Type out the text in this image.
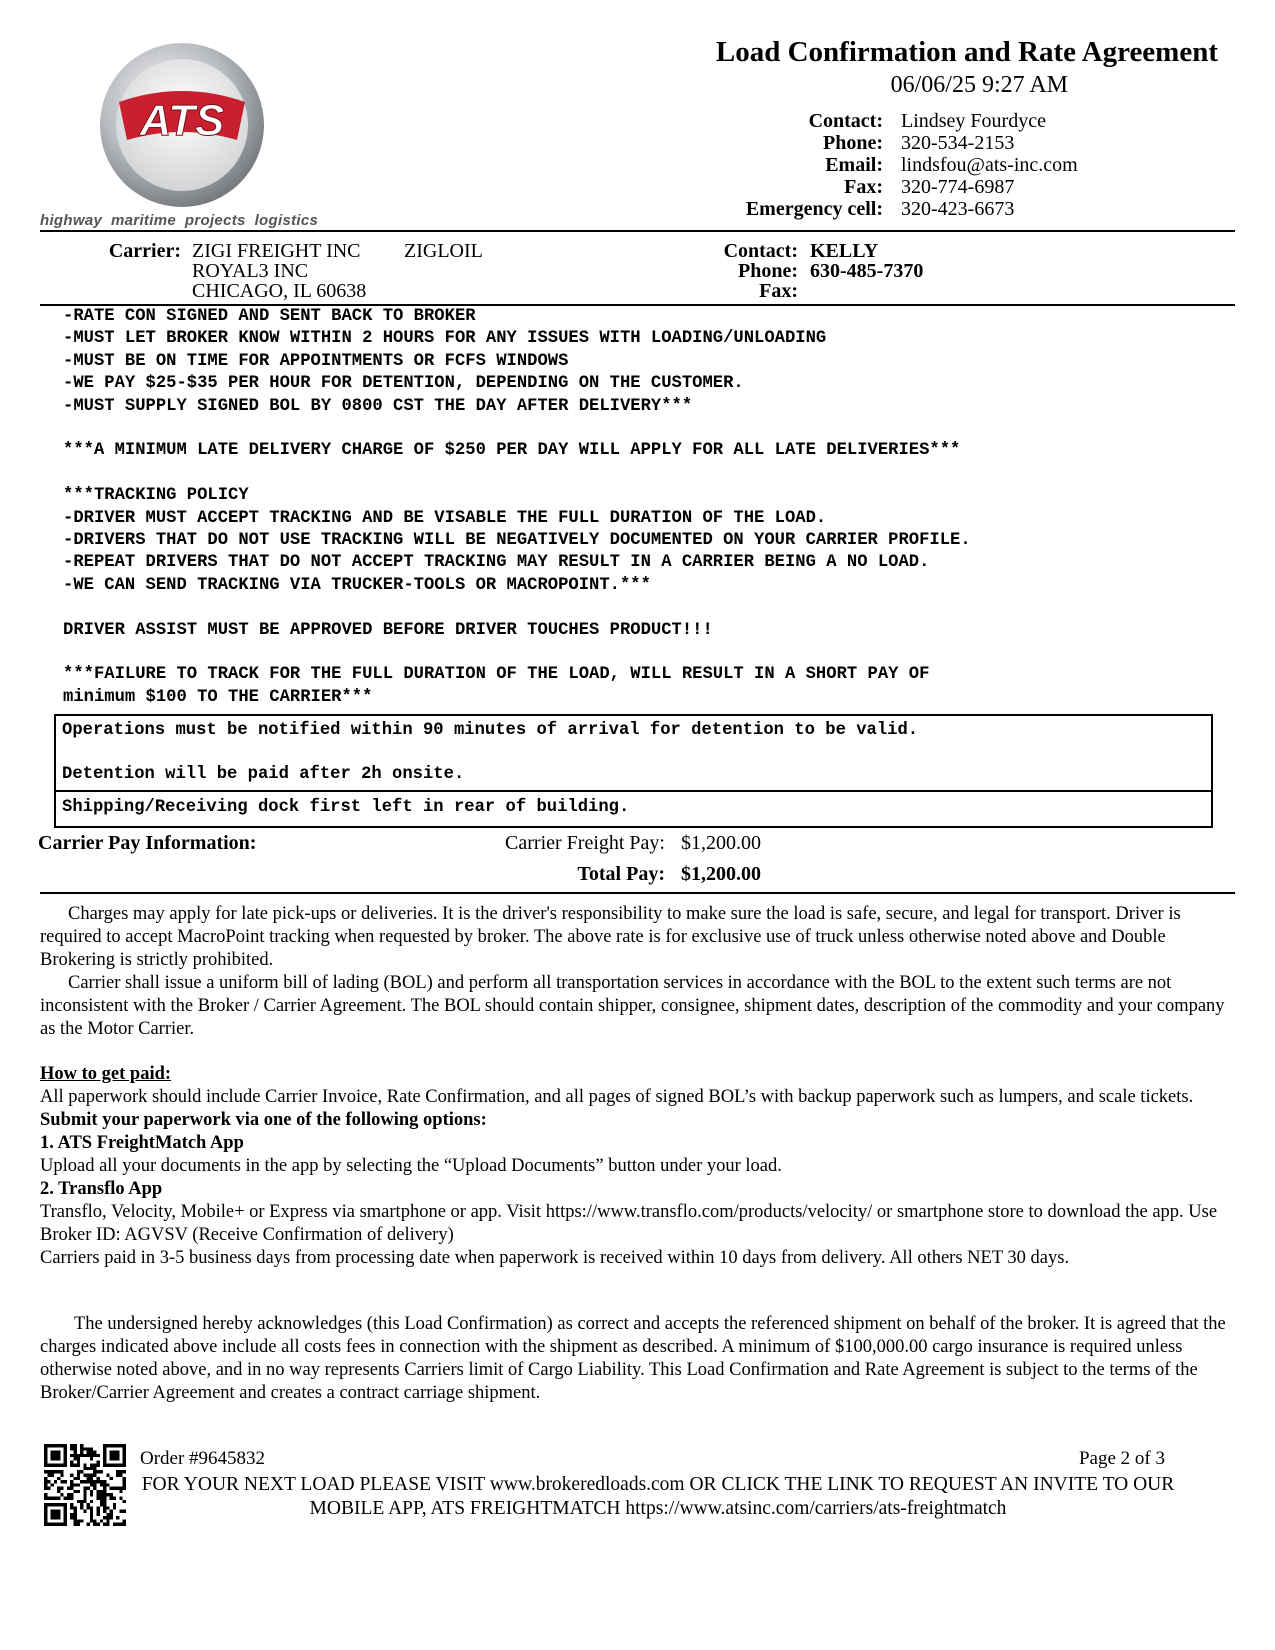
ATS
highway  maritime  projects  logistics
Load Confirmation and Rate Agreement
06/06/25 9:27 AM
Contact: Lindsey Fourdyce
Phone: 320-534-2153
Email: lindsfou@ats-inc.com
Fax: 320-774-6987
Emergency cell: 320-423-6673
Carrier: ZIGI FREIGHT INC ZIGLOIL
ROYAL3 INC
CHICAGO, IL 60638
Contact: KELLY
Phone: 630-485-7370
Fax:
-RATE CON SIGNED AND SENT BACK TO BROKER
-MUST LET BROKER KNOW WITHIN 2 HOURS FOR ANY ISSUES WITH LOADING/UNLOADING
-MUST BE ON TIME FOR APPOINTMENTS OR FCFS WINDOWS
-WE PAY $25-$35 PER HOUR FOR DETENTION, DEPENDING ON THE CUSTOMER.
-MUST SUPPLY SIGNED BOL BY 0800 CST THE DAY AFTER DELIVERY***
***A MINIMUM LATE DELIVERY CHARGE OF $250 PER DAY WILL APPLY FOR ALL LATE DELIVERIES***
***TRACKING POLICY
-DRIVER MUST ACCEPT TRACKING AND BE VISABLE THE FULL DURATION OF THE LOAD.
-DRIVERS THAT DO NOT USE TRACKING WILL BE NEGATIVELY DOCUMENTED ON YOUR CARRIER PROFILE.
-REPEAT DRIVERS THAT DO NOT ACCEPT TRACKING MAY RESULT IN A CARRIER BEING A NO LOAD.
-WE CAN SEND TRACKING VIA TRUCKER-TOOLS OR MACROPOINT.***
DRIVER ASSIST MUST BE APPROVED BEFORE DRIVER TOUCHES PRODUCT!!!
***FAILURE TO TRACK FOR THE FULL DURATION OF THE LOAD, WILL RESULT IN A SHORT PAY OF
minimum $100 TO THE CARRIER***
Operations must be notified within 90 minutes of arrival for detention to be valid.
Detention will be paid after 2h onsite.
Shipping/Receiving dock first left in rear of building.
Carrier Pay Information:	Carrier Freight Pay: $1,200.00
Total Pay: $1,200.00

Charges may apply for late pick-ups or deliveries. It is the driver's responsibility to make sure the load is safe, secure, and legal for transport. Driver is required to accept MacroPoint tracking when requested by broker. The above rate is for exclusive use of truck unless otherwise noted above and Double Brokering is strictly prohibited.

Carrier shall issue a uniform bill of lading (BOL) and perform all transportation services in accordance with the BOL to the extent such terms are not inconsistent with the Broker / Carrier Agreement. The BOL should contain shipper, consignee, shipment dates, description of the commodity and your company as the Motor Carrier.

How to get paid:

All paperwork should include Carrier Invoice, Rate Confirmation, and all pages of signed BOL’s with backup paperwork such as lumpers, and scale tickets.

Submit your paperwork via one of the following options:

1. ATS FreightMatch App

Upload all your documents in the app by selecting the “Upload Documents” button under your load.

2. Transflo App

Transflo, Velocity, Mobile+ or Express via smartphone or app. Visit https://www.transflo.com/products/velocity/ or smartphone store to download the app. Use Broker ID: AGVSV (Receive Confirmation of delivery)

Carriers paid in 3-5 business days from processing date when paperwork is received within 10 days from delivery. All others NET 30 days.

The undersigned hereby acknowledges (this Load Confirmation) as correct and accepts the referenced shipment on behalf of the broker. It is agreed that the charges indicated above include all costs fees in connection with the shipment as described. A minimum of $100,000.00 cargo insurance is required unless otherwise noted above, and in no way represents Carriers limit of Cargo Liability. This Load Confirmation and Rate Agreement is subject to the terms of the Broker/Carrier Agreement and creates a contract carriage shipment.

Order #9645832	Page 2 of 3
FOR YOUR NEXT LOAD PLEASE VISIT www.brokeredloads.com OR CLICK THE LINK TO REQUEST AN INVITE TO OUR MOBILE APP, ATS FREIGHTMATCH https://www.atsinc.com/carriers/ats-freightmatch
